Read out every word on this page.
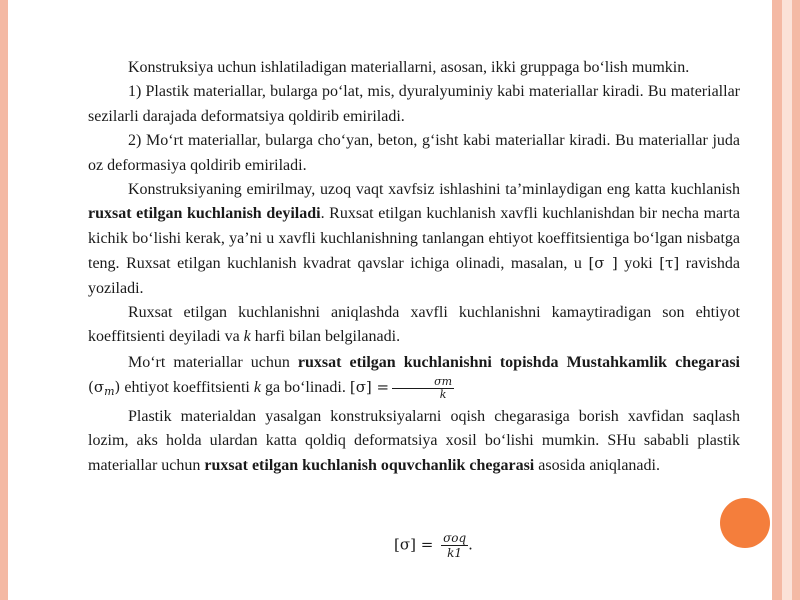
Konstruksiya uchun ishlatiladigan materiallarni, asosan, ikki gruppaga bo‘lish mumkin.

1) Plastik materiallar, bularga po‘lat, mis, dyuralyuminiy kabi materiallar kiradi. Bu materiallar sezilarli darajada deformatsiya qoldirib emiriladi.

2) Mo‘rt materiallar, bularga cho‘yan, beton, g‘isht kabi materiallar kiradi. Bu materiallar juda oz deformasiya qoldirib emiriladi.

Konstruksiyaning emirilmay, uzoq vaqt xavfsiz ishlashini ta’minlaydigan eng katta kuchlanish ruxsat etilgan kuchlanish deyiladi. Ruxsat etilgan kuchlanish xavfli kuchlanishdan bir necha marta kichik bo‘lishi kerak, ya’ni u xavfli kuchlanishning tanlangan ehtiyot koeffitsientiga bo‘lgan nisbatga teng. Ruxsat etilgan kuchlanish kvadrat qavslar ichiga olinadi, masalan, u [σ ] yoki [τ] ravishda yoziladi.

Ruxsat etilgan kuchlanishni aniqlashda xavfli kuchlanishni kamaytiradigan son ehtiyot koeffitsienti deyiladi va k harfi bilan belgilanadi.

Mo‘rt materiallar uchun ruxsat etilgan kuchlanishni topishda Mustahkamlik chegarasi $(\sigma_m)$ ehtiyot koeffitsienti k ga bo‘linadi. $[\sigma] = \frac{\sigma m}{k}$

Plastik materialdan yasalgan konstruksiyalarni oqish chegarasiga borish xavfidan saqlash lozim, aks holda ulardan katta qoldiq deformatsiya xosil bo‘lishi mumkin. SHu sababli plastik materiallar uchun ruxsat etilgan kuchlanish oquvchanlik chegarasi asosida aniqlanadi.

$[\sigma] = \frac{\text{σoq}}{k1}$ .
